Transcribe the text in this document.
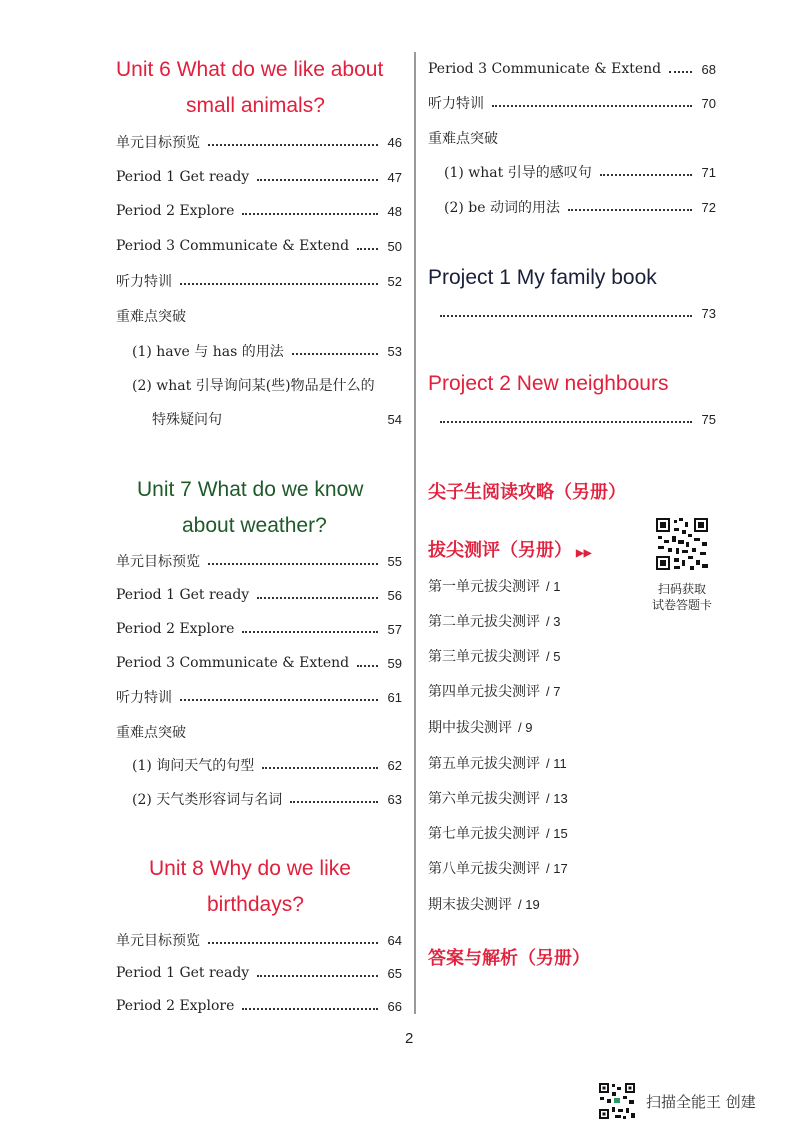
Unit 6 What do we like about
small animals?
单元目标预览	46
Period 1 Get ready	47
Period 2 Explore	48
Period 3 Communicate & Extend	50
听力特训	52
重难点突破
(1) have 与 has 的用法	53
(2) what 引导询问某(些)物品是什么的
特殊疑问句	54
Unit 7 What do we know
about weather?
单元目标预览	55
Period 1 Get ready	56
Period 2 Explore	57
Period 3 Communicate & Extend	59
听力特训	61
重难点突破
(1) 询问天气的句型	62
(2) 天气类形容词与名词	63
Unit 8 Why do we like
birthdays?
单元目标预览	64
Period 1 Get ready	65
Period 2 Explore	66
Period 3 Communicate & Extend	68
听力特训	70
重难点突破
(1) what 引导的感叹句	71
(2) be 动词的用法	72
Project 1 My family book
73
Project 2 New neighbours
75
尖子生阅读攻略（另册）
拔尖测评（另册） ▶▶
扫码获取
试卷答题卡
第一单元拔尖测评 / 1
第二单元拔尖测评 / 3
第三单元拔尖测评 / 5
第四单元拔尖测评 / 7
期中拔尖测评 / 9
第五单元拔尖测评 / 11
第六单元拔尖测评 / 13
第七单元拔尖测评 / 15
第八单元拔尖测评 / 17
期末拔尖测评 / 19
答案与解析（另册）
2
扫描全能王 创建
